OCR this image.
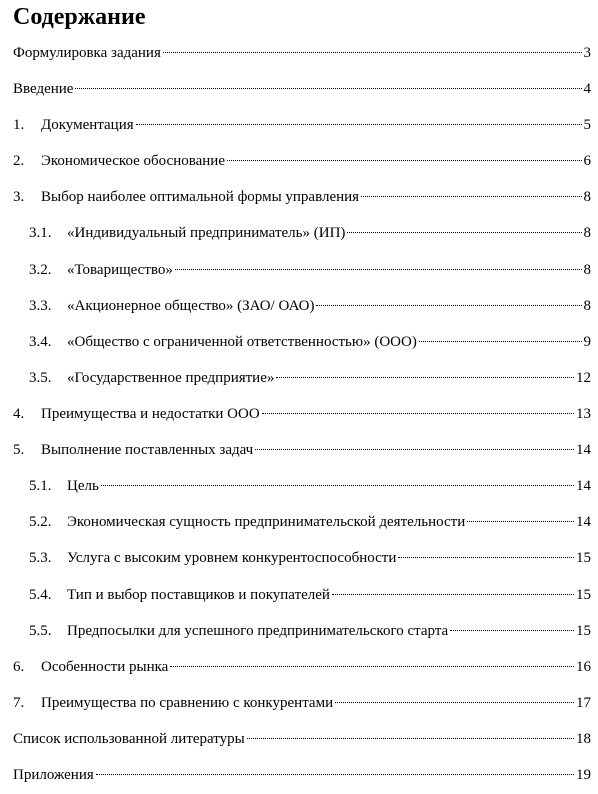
Содержание
Формулировка задания	3
Введение	4
1.	Документация	5
2.	Экономическое обоснование	6
3.	Выбор наиболее оптимальной формы управления	8
3.1.	«Индивидуальный предприниматель» (ИП)	8
3.2.	«Товарищество»	8
3.3.	«Акционерное общество» (ЗАО/ ОАО)	8
3.4.	«Общество с ограниченной ответственностью» (ООО)	9
3.5.	«Государственное предприятие»	12
4.	Преимущества и недостатки ООО	13
5.	Выполнение поставленных задач	14
5.1.	Цель	14
5.2.	Экономическая сущность предпринимательской деятельности	14
5.3.	Услуга с высоким уровнем конкурентоспособности	15
5.4.	Тип и выбор поставщиков и покупателей	15
5.5.	Предпосылки для успешного предпринимательского старта	15
6.	Особенности рынка	16
7.	Преимущества по сравнению с конкурентами	17
Список использованной литературы	18
Приложения	19
